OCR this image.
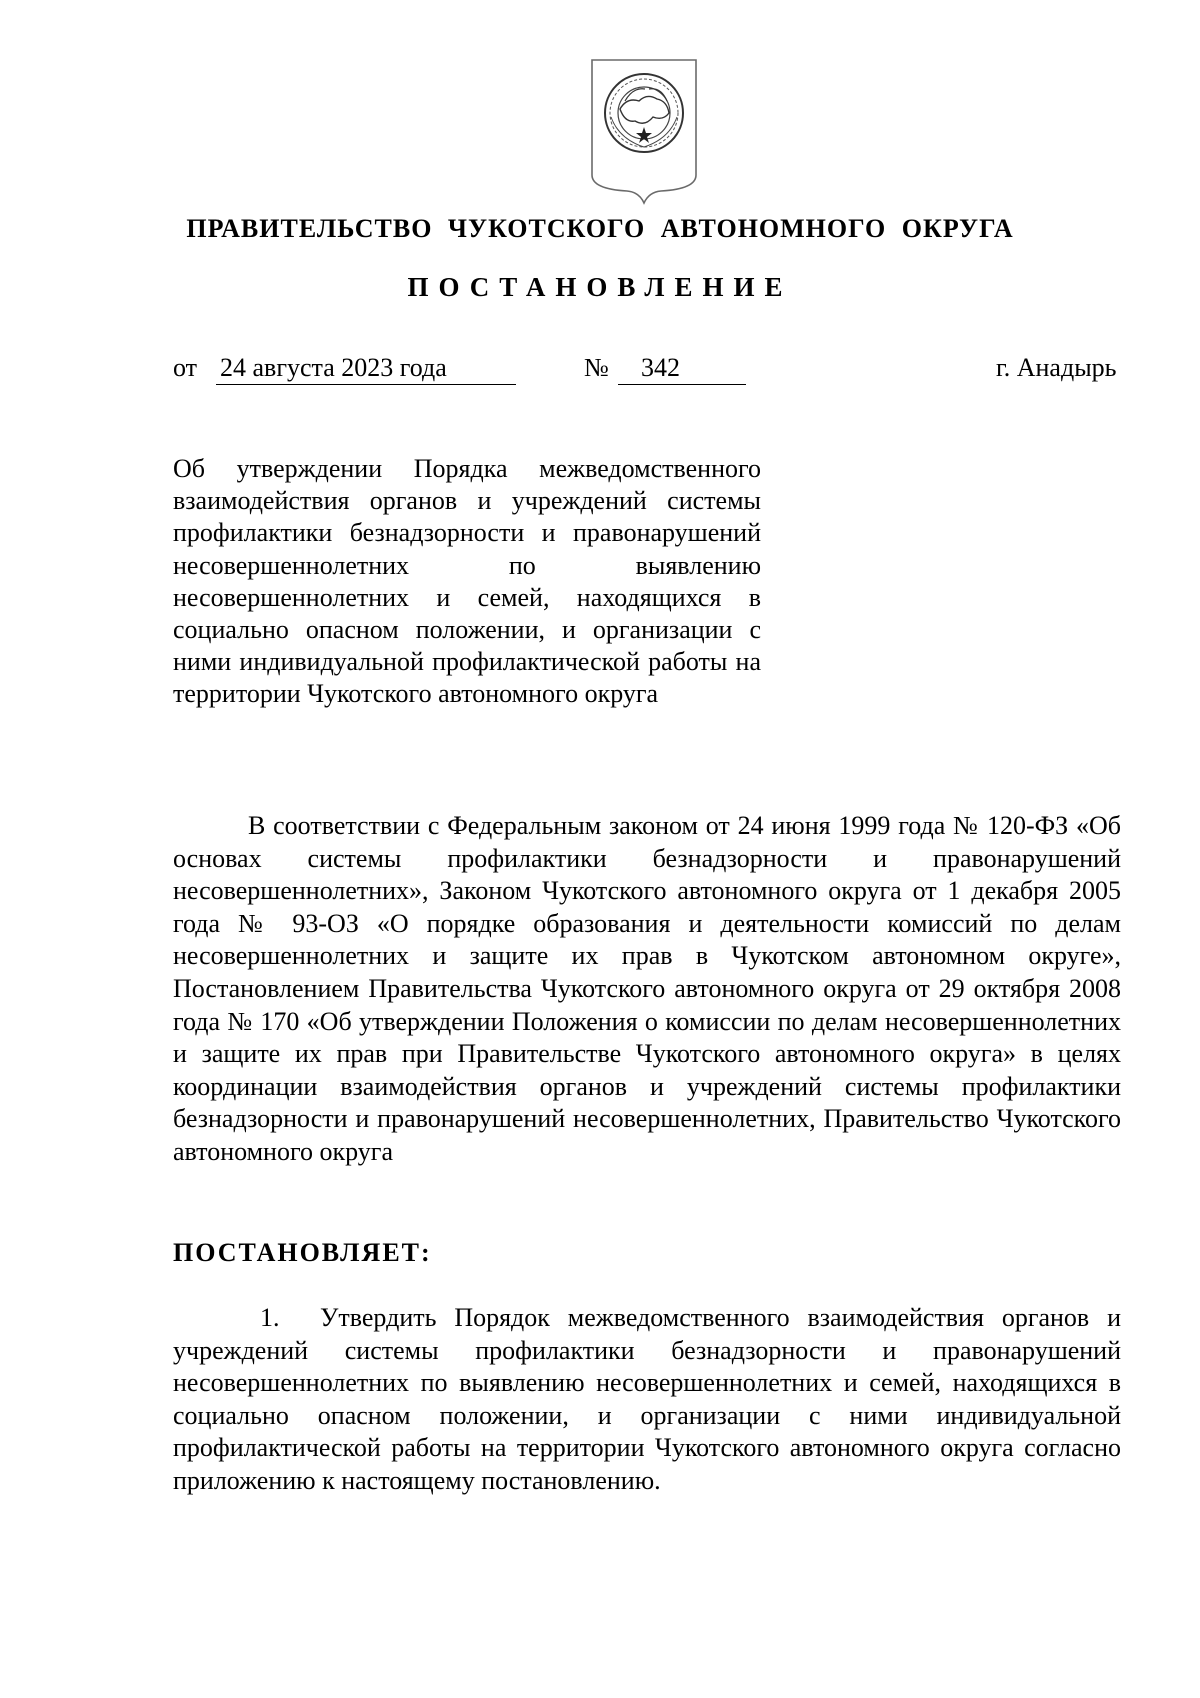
ПРАВИТЕЛЬСТВО ЧУКОТСКОГО АВТОНОМНОГО ОКРУГА
ПОСТАНОВЛЕНИЕ
от 24 августа 2023 года	№ 342	г. Анадырь
Об утверждении Порядка межведомственного взаимодействия органов и учреждений системы профилактики безнадзорности и правонарушений несовершеннолетних по выявлению несовершеннолетних и семей, находящихся в социально опасном положении, и организации с ними индивидуальной профилактической работы на территории Чукотского автономного округа

В соответствии с Федеральным законом от 24 июня 1999 года № 120-ФЗ «Об основах системы профилактики безнадзорности и правонарушений несовершеннолетних», Законом Чукотского автономного округа от 1 декабря 2005 года № 93-ОЗ «О порядке образования и деятельности комиссий по делам несовершеннолетних и защите их прав в Чукотском автономном округе», Постановлением Правительства Чукотского автономного округа от 29 октября 2008 года № 170 «Об утверждении Положения о комиссии по делам несовершеннолетних и защите их прав при Правительстве Чукотского автономного округа» в целях координации взаимодействия органов и учреждений системы профилактики безнадзорности и правонарушений несовершеннолетних, Правительство Чукотского автономного округа

ПОСТАНОВЛЯЕТ:

1. Утвердить Порядок межведомственного взаимодействия органов и учреждений системы профилактики безнадзорности и правонарушений несовершеннолетних по выявлению несовершеннолетних и семей, находящихся в социально опасном положении, и организации с ними индивидуальной профилактической работы на территории Чукотского автономного округа согласно приложению к настоящему постановлению.
